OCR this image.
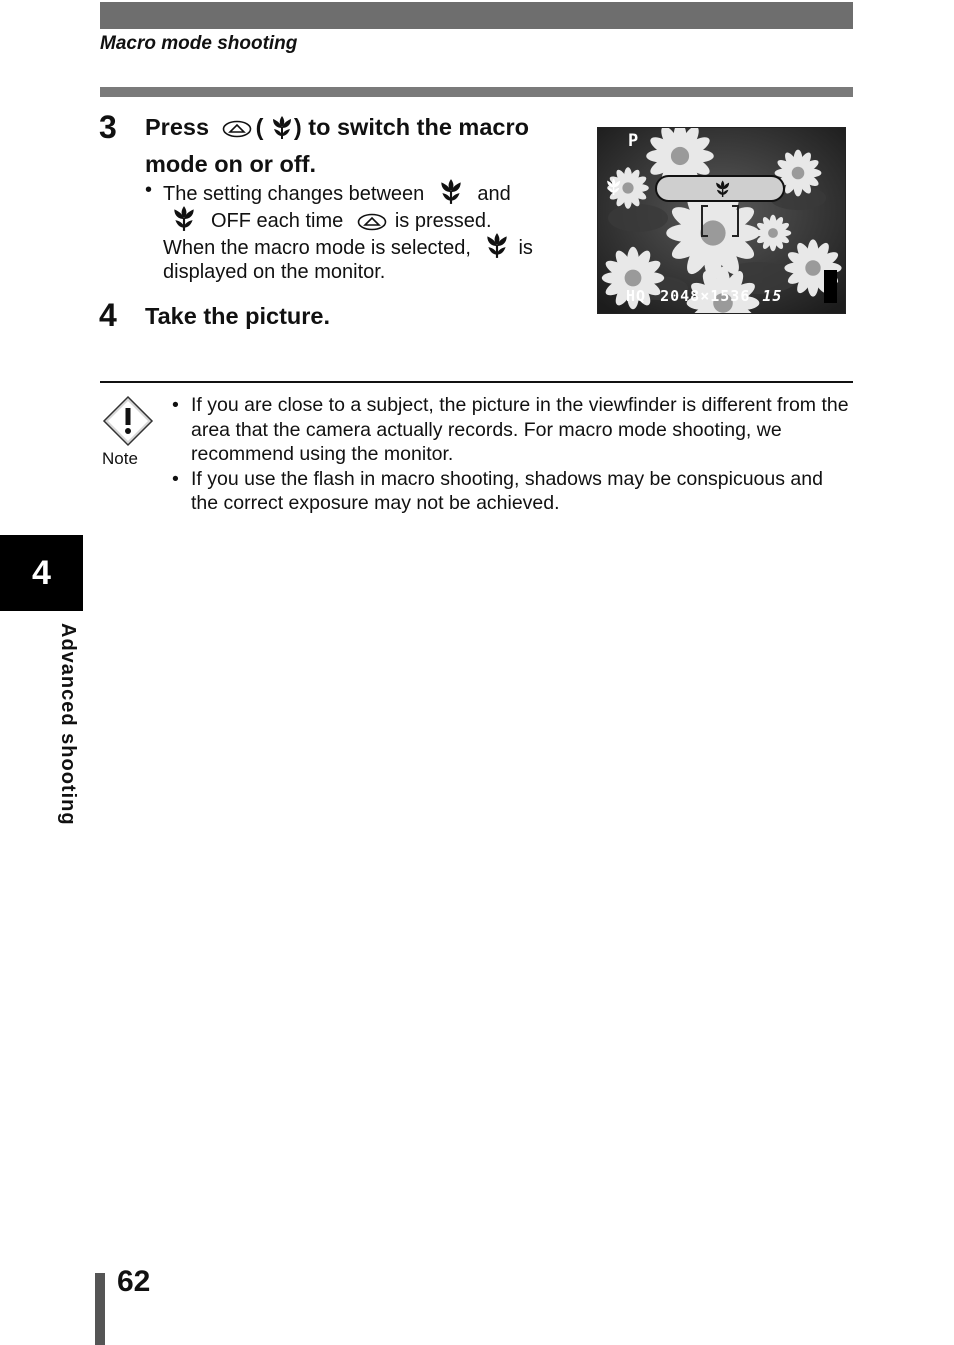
Macro mode shooting
3 Press ( ) to switch the macro
mode on or off.
• The setting changes between	and
OFF each time	is pressed.
When the macro mode is selected, is
displayed on the monitor.
4 Take the picture.
P
HQ 2048×1536 15
Note
• If you are close to a subject, the picture in the viewfinder is different from the area that the camera actually records. For macro mode shooting, we recommend using the monitor.
• If you use the flash in macro shooting, shadows may be conspicuous and the correct exposure may not be achieved.
4
Advanced shooting
62
